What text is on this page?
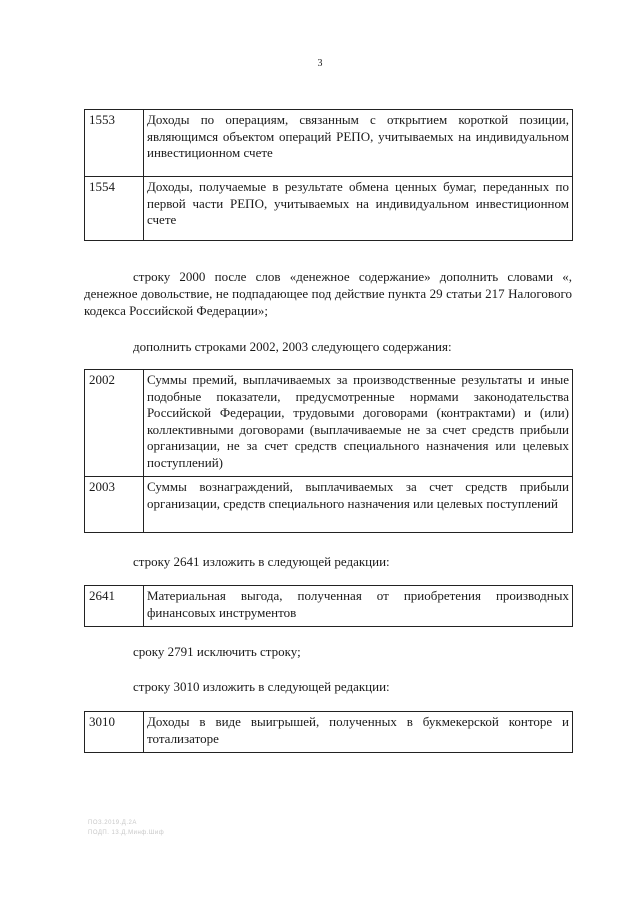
3
1553	Доходы по операциям, связанным с открытием короткой позиции, являющимся объектом операций РЕПО, учитываемых на индивидуальном инвестиционном счете
1554	Доходы, получаемые в результате обмена ценных бумаг, переданных по первой части РЕПО, учитываемых на индивидуальном инвестиционном счете
строку 2000 после слов «денежное содержание» дополнить словами «, денежное довольствие, не подпадающее под действие пункта 29 статьи 217 Налогового кодекса Российской Федерации»;
дополнить строками 2002, 2003 следующего содержания:
2002	Суммы премий, выплачиваемых за производственные результаты и иные подобные показатели, предусмотренные нормами законодательства Российской Федерации, трудовыми договорами (контрактами) и (или) коллективными договорами (выплачиваемые не за счет средств прибыли организации, не за счет средств специального назначения или целевых поступлений)
2003	Суммы вознаграждений, выплачиваемых за счет средств прибыли организации, средств специального назначения или целевых поступлений
строку 2641 изложить в следующей редакции:
2641	Материальная выгода, полученная от приобретения производных финансовых инструментов
сроку 2791 исключить строку;
строку 3010 изложить в следующей редакции:
3010	Доходы в виде выигрышей, полученных в букмекерской конторе и тотализаторе
ПОЗ.2019.Д.2А
ПОДП. 13.Д.Минф.Шиф
